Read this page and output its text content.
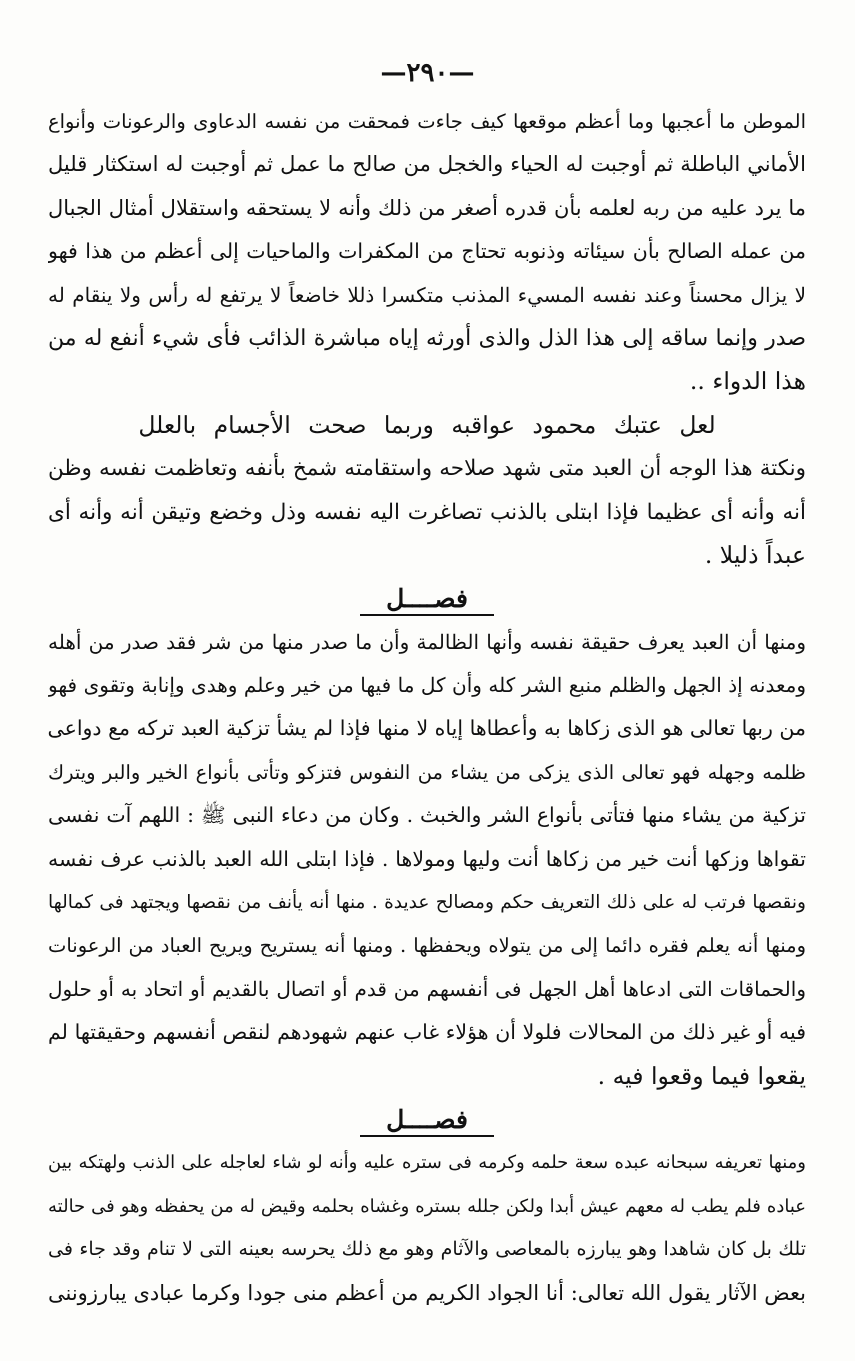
—٢٩٠—
الموطن ما أعجبها وما أعظم موقعها كيف جاءت فمحقت من نفسه الدعاوى والرعونات وأنواع
الأماني الباطلة ثم أوجبت له الحياء والخجل من صالح ما عمل ثم أوجبت له استكثار قليل
ما يرد عليه من ربه لعلمه بأن قدره أصغر من ذلك وأنه لا يستحقه واستقلال أمثال الجبال
من عمله الصالح بأن سيئاته وذنوبه تحتاج من المكفرات والماحيات إلى أعظم من هذا فهو
لا يزال محسناً وعند نفسه المسيء المذنب متكسرا ذللا خاضعاً لا يرتفع له رأس ولا ينقام له
صدر وإنما ساقه إلى هذا الذل والذى أورثه إياه مباشرة الذائب فأى شيء أنفع له من
هذا الدواء ..
لعل عتبك محمود عواقبه وربما صحت الأجسام بالعلل
ونكتة هذا الوجه أن العبد متى شهد صلاحه واستقامته شمخ بأنفه وتعاظمت نفسه وظن
أنه وأنه أى عظيما فإذا ابتلى بالذنب تصاغرت اليه نفسه وذل وخضع وتيقن أنه وأنه أى
عبداً ذليلا .
فصــــل
ومنها أن العبد يعرف حقيقة نفسه وأنها الظالمة وأن ما صدر منها من شر فقد صدر من أهله
ومعدنه إذ الجهل والظلم منبع الشر كله وأن كل ما فيها من خير وعلم وهدى وإنابة وتقوى فهو
من ربها تعالى هو الذى زكاها به وأعطاها إياه لا منها فإذا لم يشأ تزكية العبد تركه مع دواعى
ظلمه وجهله فهو تعالى الذى يزكى من يشاء من النفوس فتزكو وتأتى بأنواع الخير والبر ويترك
تزكية من يشاء منها فتأتى بأنواع الشر والخبث . وكان من دعاء النبى ﷺ : اللهم آت نفسى
تقواها وزكها أنت خير من زكاها أنت وليها ومولاها . فإذا ابتلى الله العبد بالذنب عرف نفسه
ونقصها فرتب له على ذلك التعريف حكم ومصالح عديدة . منها أنه يأنف من نقصها ويجتهد فى كمالها
ومنها أنه يعلم فقره دائما إلى من يتولاه ويحفظها . ومنها أنه يستريح ويريح العباد من الرعونات
والحماقات التى ادعاها أهل الجهل فى أنفسهم من قدم أو اتصال بالقديم أو اتحاد به أو حلول
فيه أو غير ذلك من المحالات فلولا أن هؤلاء غاب عنهم شهودهم لنقص أنفسهم وحقيقتها لم
يقعوا فيما وقعوا فيه .
فصــــل
ومنها تعريفه سبحانه عبده سعة حلمه وكرمه فى ستره عليه وأنه لو شاء لعاجله على الذنب ولهتكه بين
عباده فلم يطب له معهم عيش أبدا ولكن جلله بستره وغشاه بحلمه وقيض له من يحفظه وهو فى حالته
تلك بل كان شاهدا وهو يبارزه بالمعاصى والآثام وهو مع ذلك يحرسه بعينه التى لا تنام وقد جاء فى
بعض الآثار يقول الله تعالى: أنا الجواد الكريم من أعظم منى جودا وكرما عبادى يبارزوننى
